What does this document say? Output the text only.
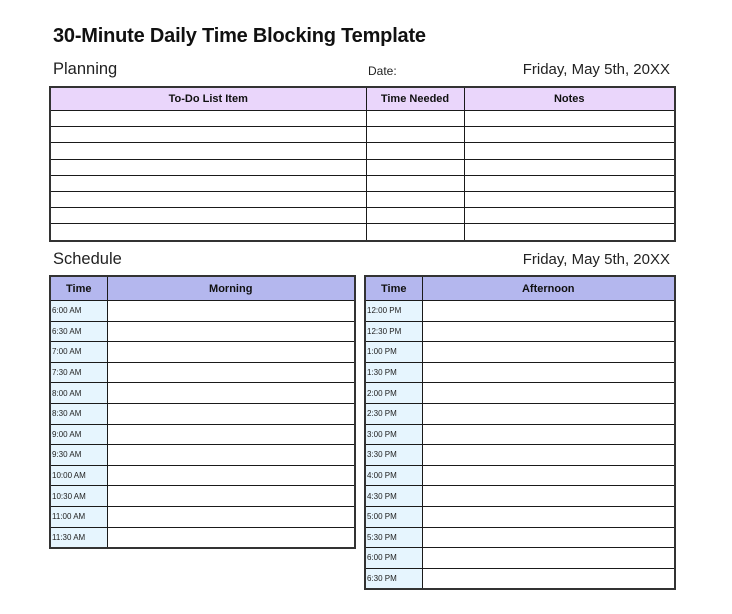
30-Minute Daily Time Blocking Template
Planning	Date:	Friday, May 5th, 20XX
To-Do List Item	Time Needed	Notes

Schedule	Friday, May 5th, 20XX
Time	Morning
6:00 AM	
6:30 AM	
7:00 AM	
7:30 AM	
8:00 AM	
8:30 AM	
9:00 AM	
9:30 AM	
10:00 AM	
10:30 AM	
11:00 AM	
11:30 AM	
Time	Afternoon
12:00 PM	
12:30 PM	
1:00 PM	
1:30 PM	
2:00 PM	
2:30 PM	
3:00 PM	
3:30 PM	
4:00 PM	
4:30 PM	
5:00 PM	
5:30 PM	
6:00 PM	
6:30 PM	
